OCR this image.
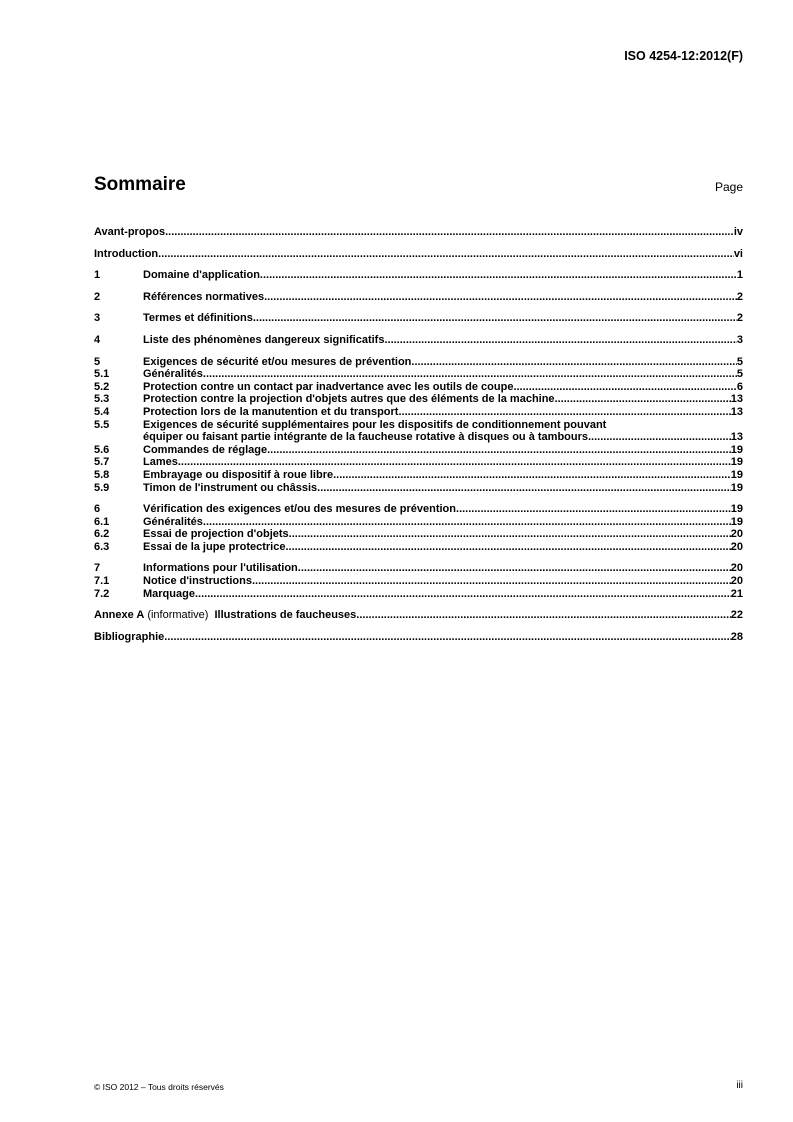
ISO 4254-12:2012(F)
Sommaire	Page
Avant-propos .....	iv
Introduction .....	vi
1	Domaine d'application .....	1
2	Références normatives .....	2
3	Termes et définitions .....	2
4	Liste des phénomènes dangereux significatifs .....	3
5	Exigences de sécurité et/ou mesures de prévention .....	5
5.1	Généralités .....	5
5.2	Protection contre un contact par inadvertance avec les outils de coupe .....	6
5.3	Protection contre la projection d'objets autres que des éléments de la machine .....	13
5.4	Protection lors de la manutention et du transport .....	13
5.5	Exigences de sécurité supplémentaires pour les dispositifs de conditionnement pouvant
équiper ou faisant partie intégrante de la faucheuse rotative à disques ou à tambours .....	13
5.6	Commandes de réglage .....	19
5.7	Lames .....	19
5.8	Embrayage ou dispositif à roue libre .....	19
5.9	Timon de l'instrument ou châssis .....	19
6	Vérification des exigences et/ou des mesures de prévention .....	19
6.1	Généralités .....	19
6.2	Essai de projection d'objets .....	20
6.3	Essai de la jupe protectrice .....	20
7	Informations pour l'utilisation .....	20
7.1	Notice d'instructions .....	20
7.2	Marquage .....	21
Annexe A (informative) Illustrations de faucheuses .....	22
Bibliographie .....	28
© ISO 2012 – Tous droits réservés	iii
